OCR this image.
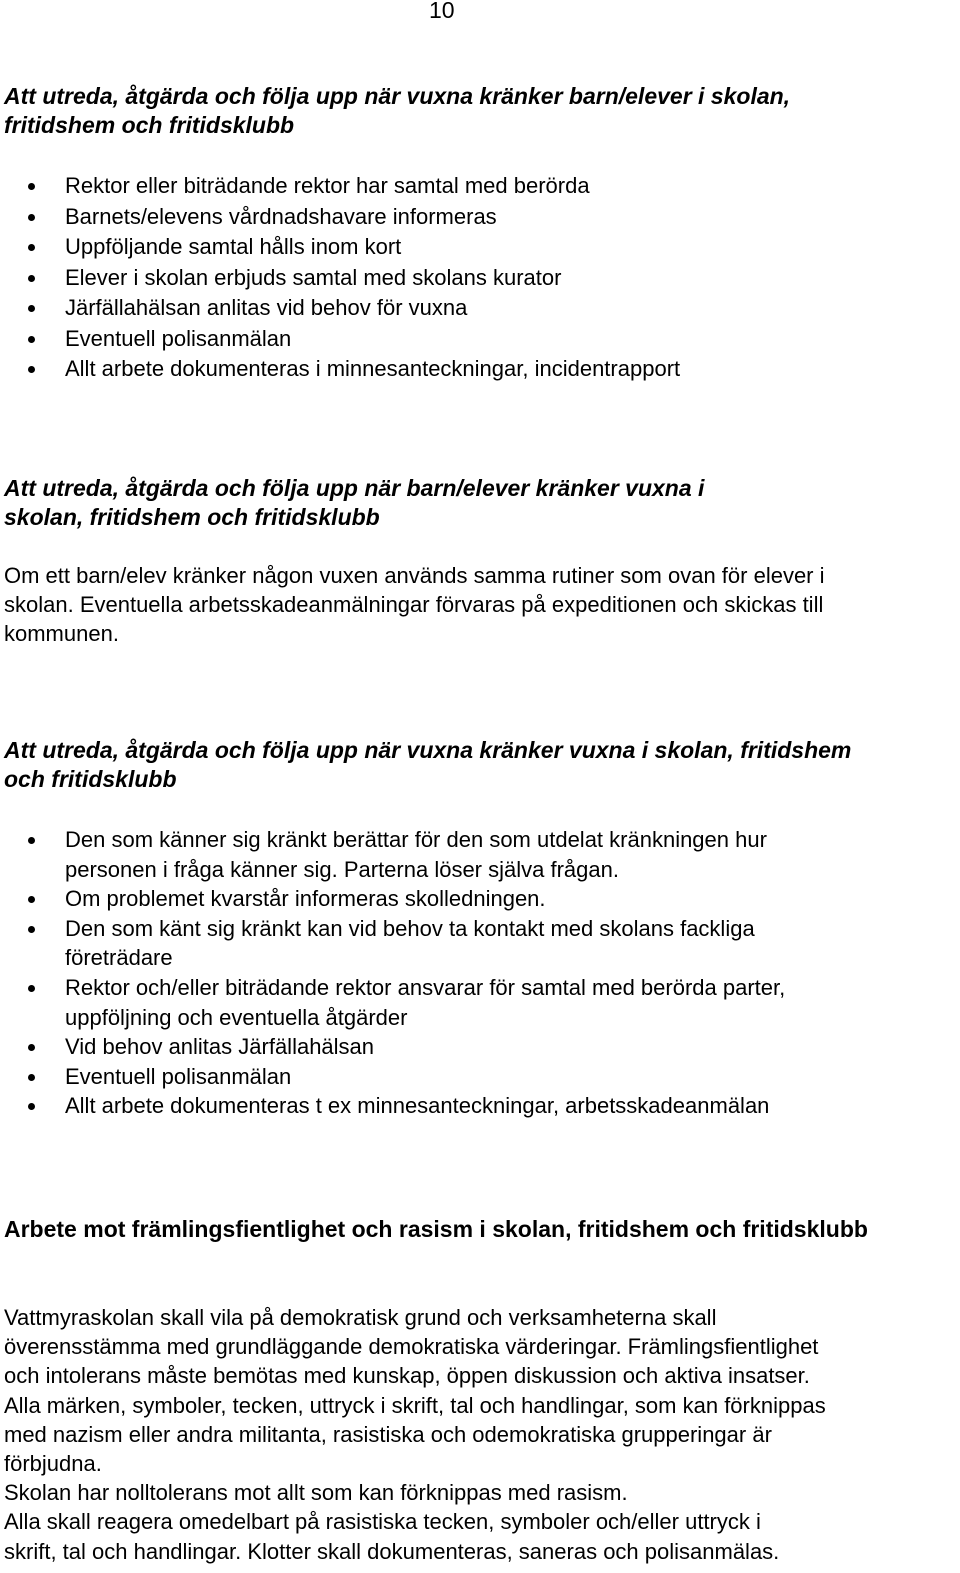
10

Att utreda, åtgärda och följa upp när vuxna kränker barn/elever i skolan,
fritidshem och fritidsklubb

Rektor eller biträdande rektor har samtal med berörda
Barnets/elevens vårdnadshavare informeras
Uppföljande samtal hålls inom kort
Elever i skolan erbjuds samtal med skolans kurator
Järfällahälsan anlitas vid behov för vuxna
Eventuell polisanmälan
Allt arbete dokumenteras i minnesanteckningar, incidentrapport

Att utreda, åtgärda och följa upp när barn/elever kränker vuxna i
skolan, fritidshem och fritidsklubb

Om ett barn/elev kränker någon vuxen används samma rutiner som ovan för elever i
skolan. Eventuella arbetsskadeanmälningar förvaras på expeditionen och skickas till
kommunen.

Att utreda, åtgärda och följa upp när vuxna kränker vuxna i skolan, fritidshem
och fritidsklubb

Den som känner sig kränkt berättar för den som utdelat kränkningen hur
personen i fråga känner sig. Parterna löser själva frågan.
Om problemet kvarstår informeras skolledningen.
Den som känt sig kränkt kan vid behov ta kontakt med skolans fackliga
företrädare
Rektor och/eller biträdande rektor ansvarar för samtal med berörda parter,
uppföljning och eventuella åtgärder
Vid behov anlitas Järfällahälsan
Eventuell polisanmälan
Allt arbete dokumenteras t ex minnesanteckningar, arbetsskadeanmälan

Arbete mot främlingsfientlighet och rasism i skolan, fritidshem och fritidsklubb

Vattmyraskolan skall vila på demokratisk grund och verksamheterna skall
överensstämma med grundläggande demokratiska värderingar. Främlingsfientlighet
och intolerans måste bemötas med kunskap, öppen diskussion och aktiva insatser.
Alla märken, symboler, tecken, uttryck i skrift, tal och handlingar, som kan förknippas
med nazism eller andra militanta, rasistiska och odemokratiska grupperingar är
förbjudna.
Skolan har nolltolerans mot allt som kan förknippas med rasism.
Alla skall reagera omedelbart på rasistiska tecken, symboler och/eller uttryck i
skrift, tal och handlingar. Klotter skall dokumenteras, saneras och polisanmälas.
